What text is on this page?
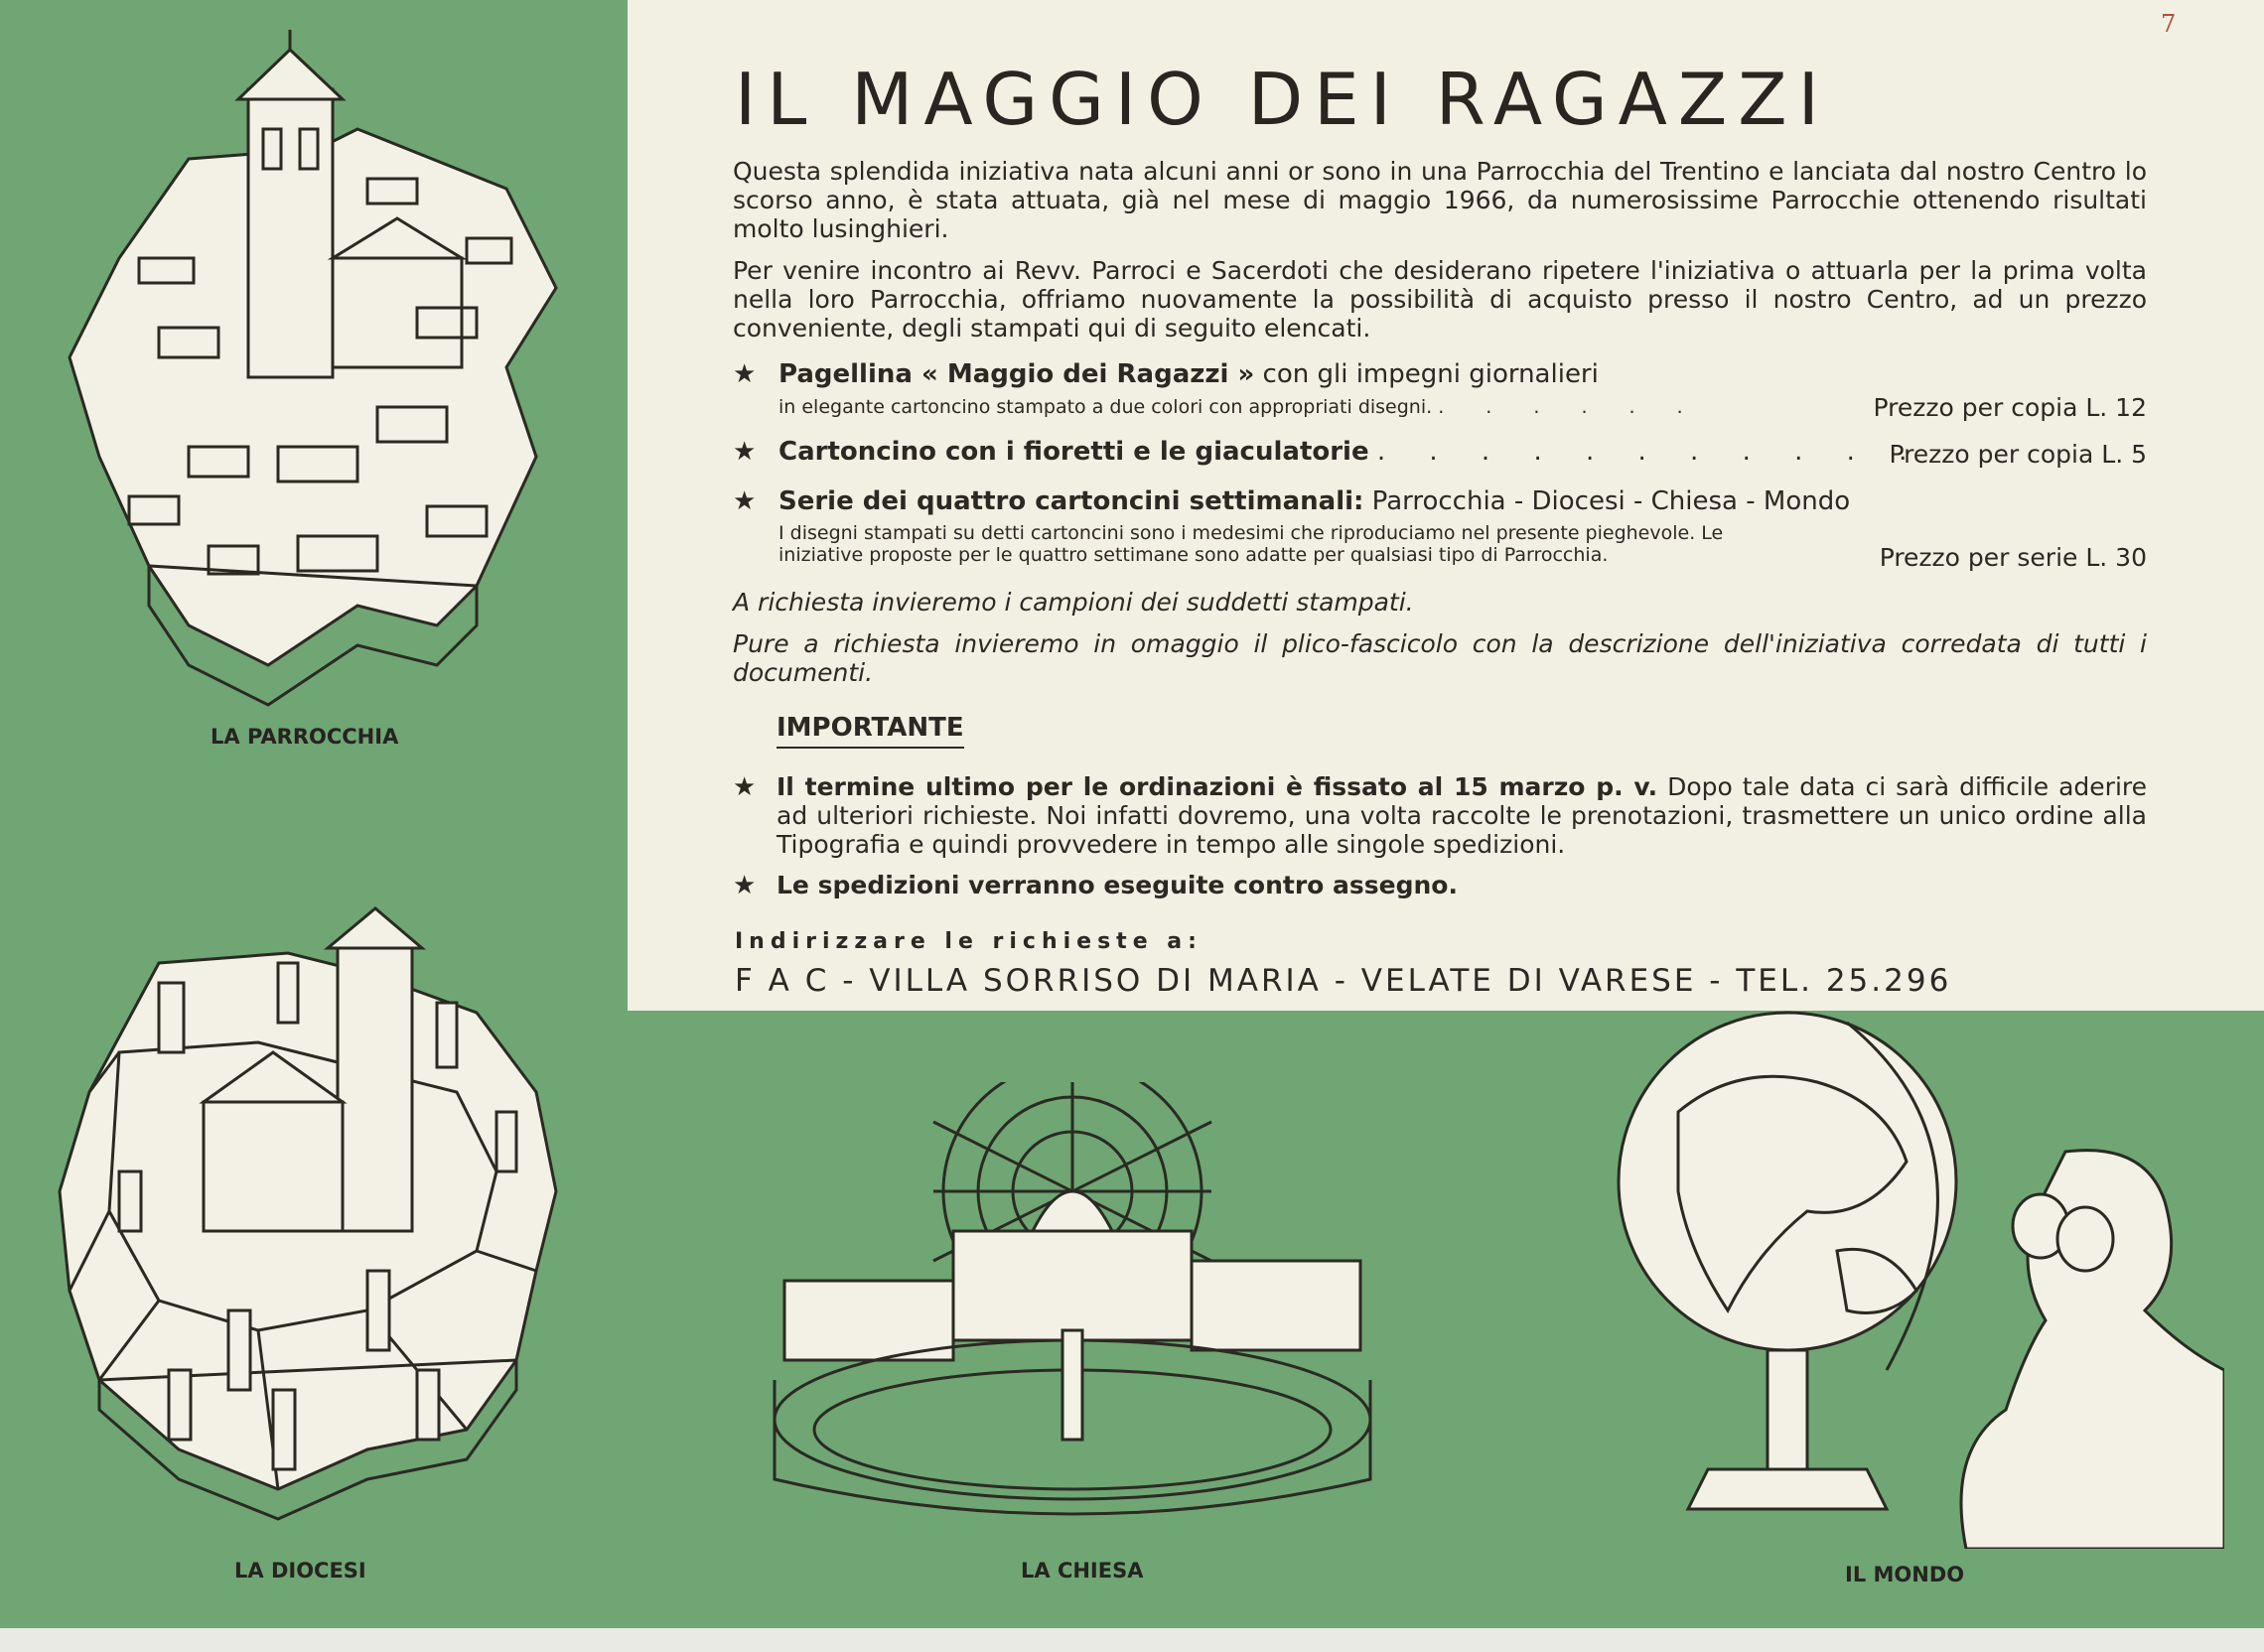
LA PARROCCHIA
LA DIOCESI	LA CHIESA	IL MONDO
7
IL MAGGIO DEI RAGAZZI
Questa splendida iniziativa nata alcuni anni or sono in una Parrocchia del Trentino e lanciata dal nostro Centro lo scorso anno, è stata attuata, già nel mese di maggio 1966, da numerosissime Parrocchie ottenendo risultati molto lusinghieri.
Per venire incontro ai Revv. Parroci e Sacerdoti che desiderano ripetere l'iniziativa o attuarla per la prima volta nella loro Parrocchia, offriamo nuovamente la possibilità di acquisto presso il nostro Centro, ad un prezzo conveniente, degli stampati qui di seguito elencati.
★ Pagellina « Maggio dei Ragazzi » con gli impegni giornalieri
in elegante cartoncino stampato a due colori con appropriati disegni. . . . . . .	Prezzo per copia L. 12
★ Cartoncino con i fioretti e le giaculatorie . . . . . . . . . . .
Prezzo per copia L. 5
★ Serie dei quattro cartoncini settimanali: Parrocchia - Diocesi - Chiesa - Mondo
I disegni stampati su detti cartoncini sono i medesimi che riproduciamo nel presente pieghevole. Le iniziative proposte per le quattro settimane sono adatte per qualsiasi tipo di Parrocchia.	Prezzo per serie L. 30
A richiesta invieremo i campioni dei suddetti stampati.
Pure a richiesta invieremo in omaggio il plico-fascicolo con la descrizione dell'iniziativa corredata di tutti i documenti.
IMPORTANTE
★ Il termine ultimo per le ordinazioni è fissato al 15 marzo p. v. Dopo tale data ci sarà difficile aderire ad ulteriori richieste. Noi infatti dovremo, una volta raccolte le prenotazioni, trasmettere un unico ordine alla Tipografia e quindi provvedere in tempo alle singole spedizioni.
★ Le spedizioni verranno eseguite contro assegno.
Indirizzare le richieste a:
F A C - VILLA SORRISO DI MARIA - VELATE DI VARESE - TEL. 25.296
